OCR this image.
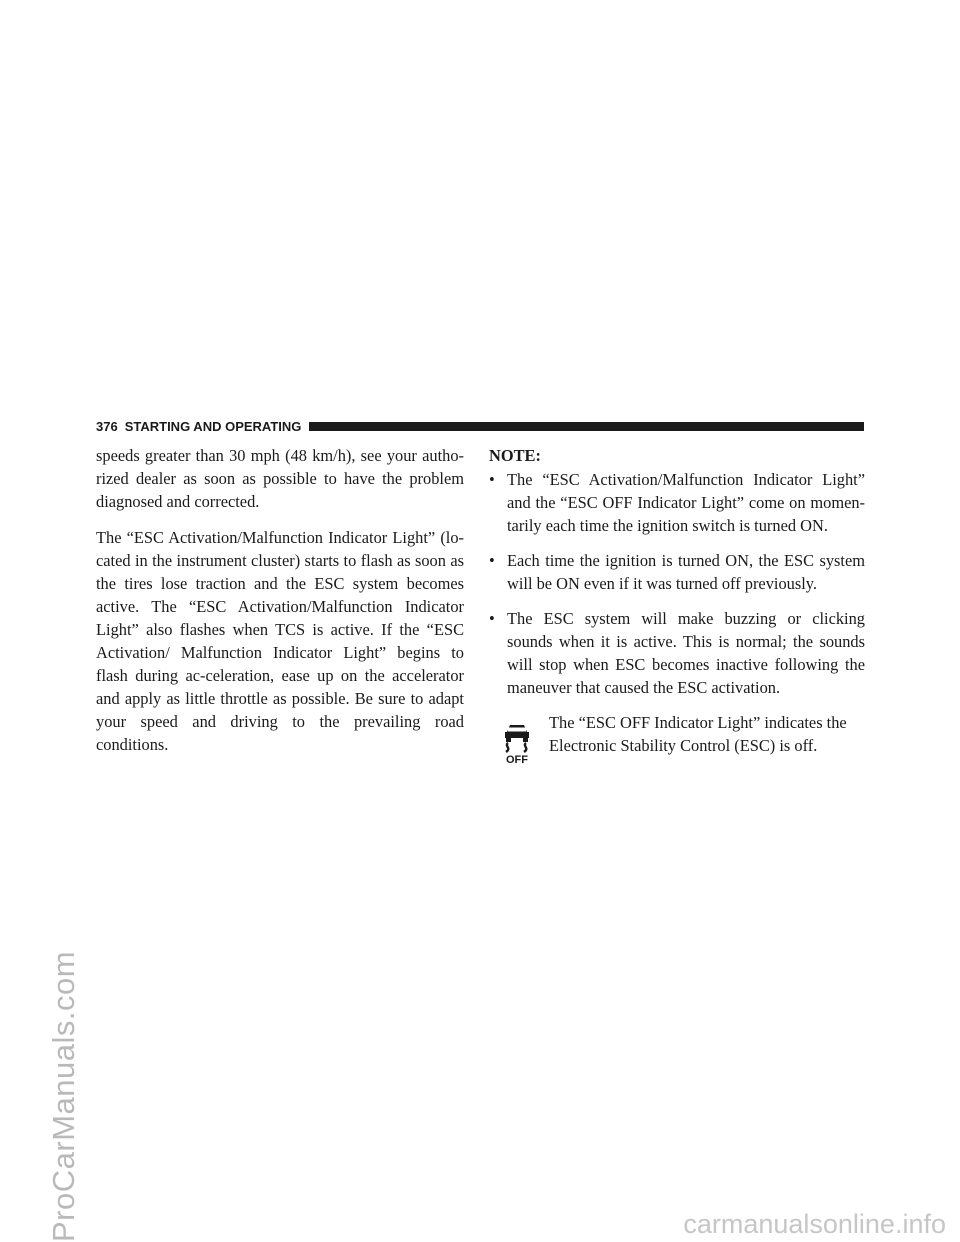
ProCarManuals.com
376 STARTING AND OPERATING

speeds greater than 30 mph (48 km/h), see your autho-rized dealer as soon as possible to have the problem diagnosed and corrected.

The “ESC Activation/Malfunction Indicator Light” (lo-cated in the instrument cluster) starts to flash as soon as the tires lose traction and the ESC system becomes active. The “ESC Activation/Malfunction Indicator Light” also flashes when TCS is active. If the “ESC Activation/ Malfunction Indicator Light” begins to flash during ac-celeration, ease up on the accelerator and apply as little throttle as possible. Be sure to adapt your speed and driving to the prevailing road conditions.

NOTE:
• The “ESC Activation/Malfunction Indicator Light” and the “ESC OFF Indicator Light” come on momen-tarily each time the ignition switch is turned ON.
• Each time the ignition is turned ON, the ESC system will be ON even if it was turned off previously.
• The ESC system will make buzzing or clicking sounds when it is active. This is normal; the sounds will stop when ESC becomes inactive following the maneuver that caused the ESC activation.
OFF
The “ESC OFF Indicator Light” indicates the Electronic Stability Control (ESC) is off.
carmanualsonline.info
